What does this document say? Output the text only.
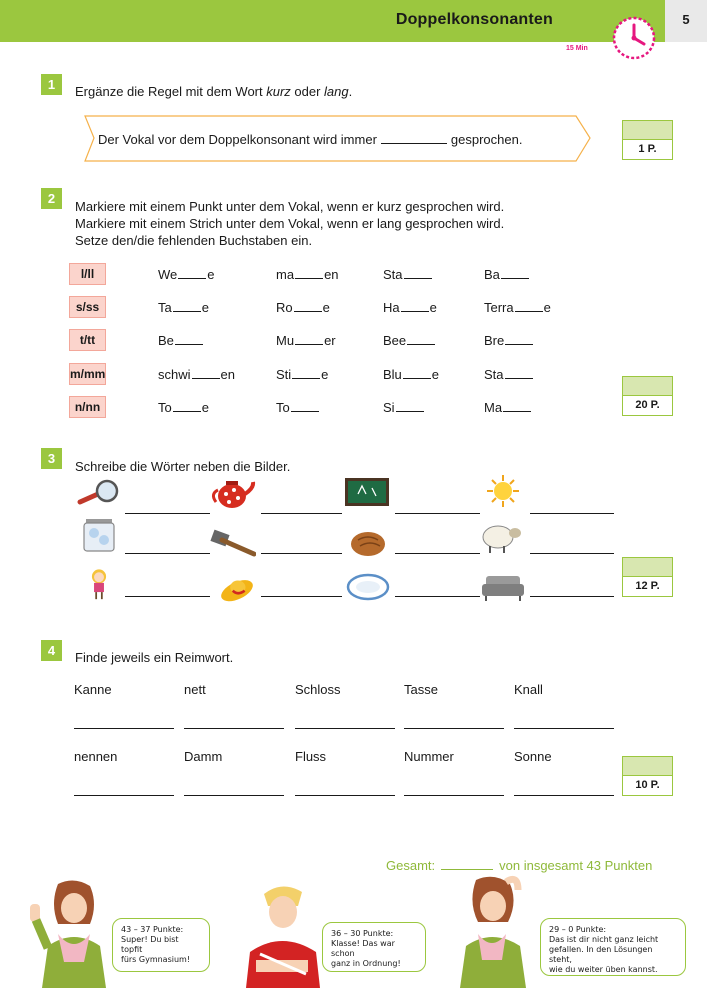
Doppelkonsonanten	5
15 Min
1	Ergänze die Regel mit dem Wort kurz oder lang.
Der Vokal vor dem Doppelkonsonant wird immer	gesprochen.
1 P.
2
Markiere mit einem Punkt unter dem Vokal, wenn er kurz gesprochen wird.
Markiere mit einem Strich unter dem Vokal, wenn er lang gesprochen wird.
Setze den/die fehlenden Buchstaben ein.
l/ll	We e	ma en	Sta	Ba
s/ss	Ta e	Ro e	Ha e	Terra e
t/tt	Be	Mu er	Bee	Bre
m/mm	schwi en	Sti e	Blu e	Sta
n/nn	To e	To	Si	Ma	20 P.
3
Schreibe die Wörter neben die Bilder.
12 P.
4	Finde jeweils ein Reimwort.
Kanne	nett	Schloss	Tasse	Knall
nennen	Damm	Fluss	Nummer	Sonne
10 P.
Gesamt:	von insgesamt 43 Punkten
43 – 37 Punkte:
Super! Du bist topfit
fürs Gymnasium!
36 – 30 Punkte:
Klasse! Das war schon
ganz in Ordnung!
29 – 0 Punkte:
Das ist dir nicht ganz leicht
gefallen. In den Lösungen steht,
wie du weiter üben kannst.
